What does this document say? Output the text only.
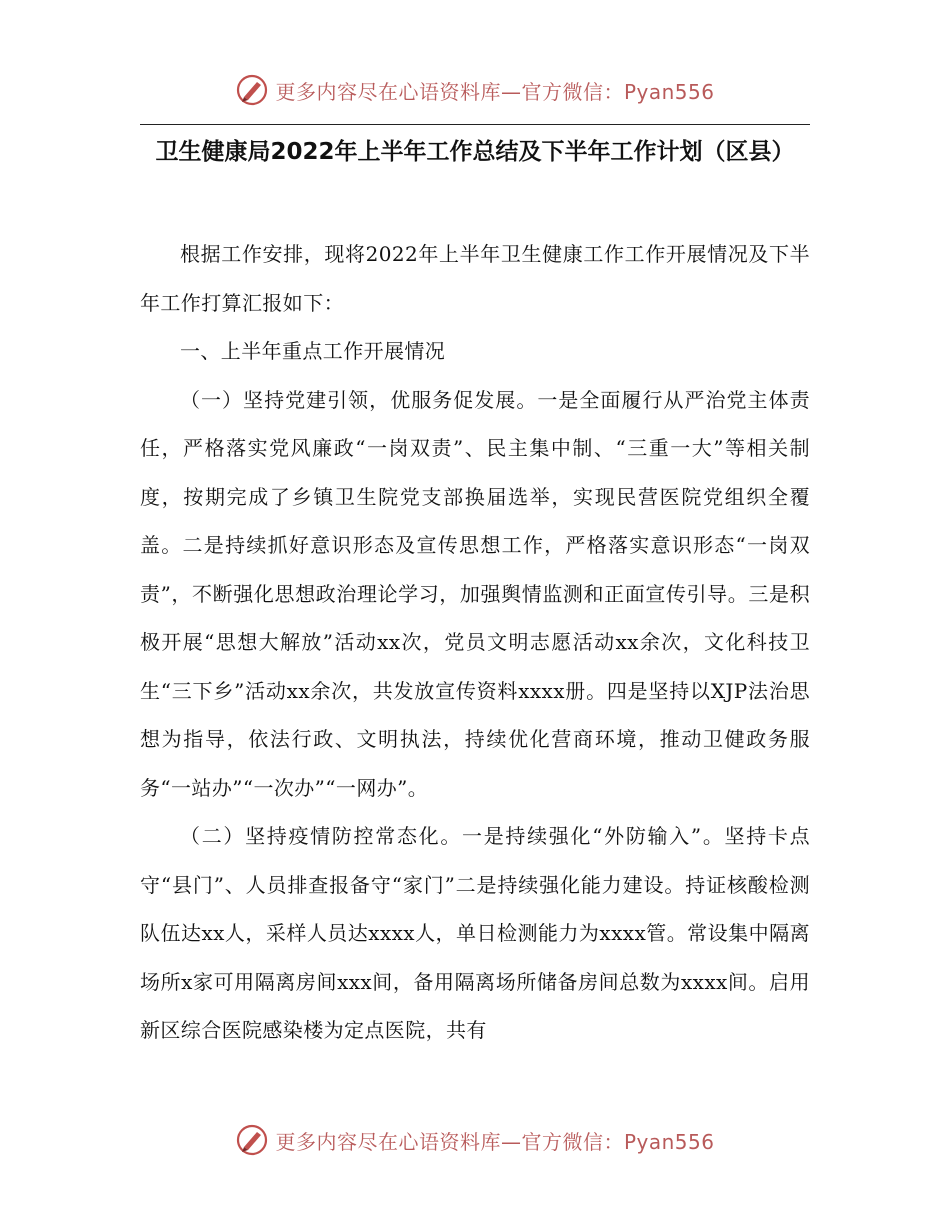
更多内容尽在心语资料库—官方微信：Pyan556
卫生健康局2022年上半年工作总结及下半年工作计划（区县）

根据工作安排，现将2022年上半年卫生健康工作工作开展情况及下半年工作打算汇报如下：

一、上半年重点工作开展情况

（一）坚持党建引领，优服务促发展。一是全面履行从严治党主体责任，严格落实党风廉政“一岗双责”、民主集中制、“三重一大”等相关制度，按期完成了乡镇卫生院党支部换届选举，实现民营医院党组织全覆盖。二是持续抓好意识形态及宣传思想工作，严格落实意识形态“一岗双责”，不断强化思想政治理论学习，加强舆情监测和正面宣传引导。三是积极开展“思想大解放”活动xx次，党员文明志愿活动xx余次，文化科技卫生“三下乡”活动xx余次，共发放宣传资料xxxx册。四是坚持以XJP法治思想为指导，依法行政、文明执法，持续优化营商环境，推动卫健政务服务“一站办”“一次办”“一网办”。

（二）坚持疫情防控常态化。一是持续强化“外防输入”。坚持卡点守“县门”、人员排查报备守“家门”二是持续强化能力建设。持证核酸检测队伍达xx人，采样人员达xxxx人，单日检测能力为xxxx管。常设集中隔离场所x家可用隔离房间xxx间，备用隔离场所储备房间总数为xxxx间。启用新区综合医院感染楼为定点医院，共有

更多内容尽在心语资料库—官方微信：Pyan556
